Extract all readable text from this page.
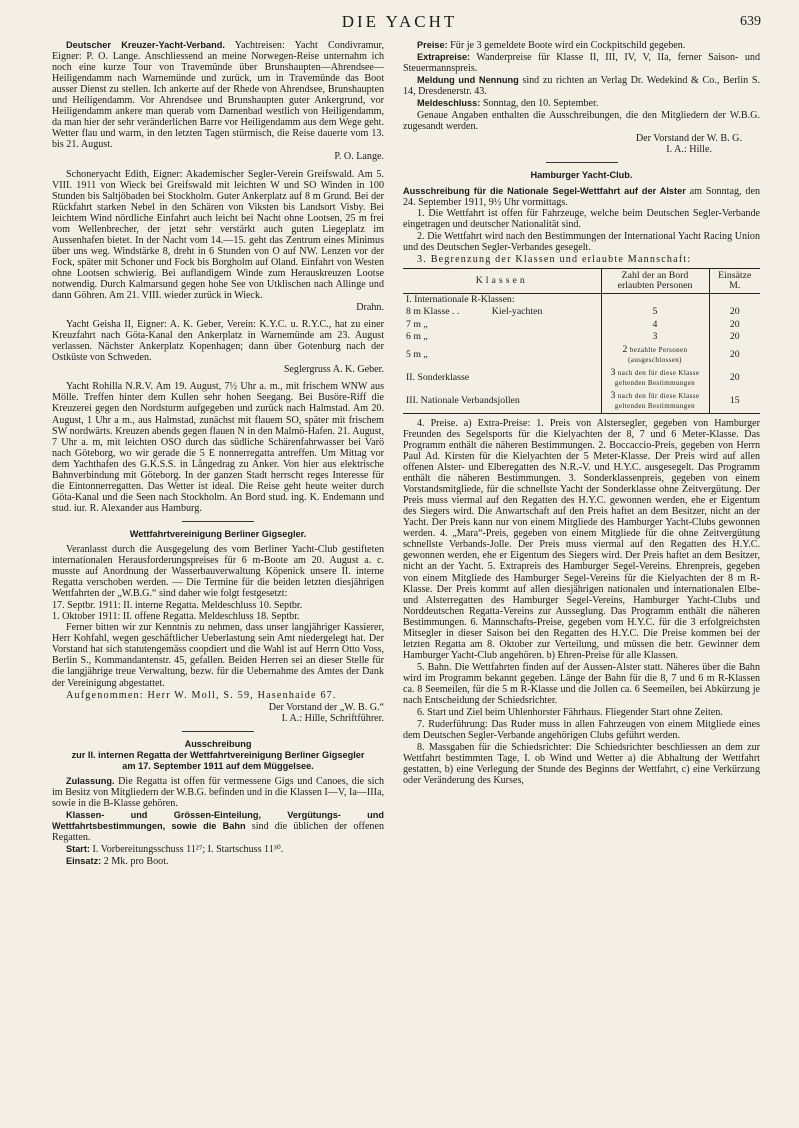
DIE YACHT	639

Deutscher Kreuzer-Yacht-Verband. Yachtreisen: Yacht Condivramur, Eigner: P. O. Lange. Anschliessend an meine Norwegen-Reise unternahm ich noch eine kurze Tour von Travemünde über Brunshaupten—Ahrendsee—Heiligendamm nach Warnemünde und zurück, um in Travemünde das Boot ausser Dienst zu stellen. Ich ankerte auf der Rhede von Ahrendsee, Brunshaupten und Heiligendamm. Vor Ahrendsee und Brunshaupten guter Ankergrund, vor Heiligendamm ankere man querab vom Damenbad westlich von Heiligendamm, da man hier der sehr veränderlichen Barre vor Heiligendamm aus dem Wege geht. Wetter flau und warm, in den letzten Tagen stürmisch, die Reise dauerte vom 13. bis 21. August.

P. O. Lange.

Schoneryacht Edith, Eigner: Akademischer Segler-Verein Greifswald. Am 5. VIII. 1911 von Wieck bei Greifswald mit leichten W und SO Winden in 100 Stunden bis Saltjöbaden bei Stockholm. Guter Ankerplatz auf 8 m Grund. Bei der Rückfahrt starken Nebel in den Schären von Viksten bis Landsort Visby. Bei leichtem Wind nördliche Einfahrt auch leicht bei Nacht ohne Lootsen, 25 m frei vom Wellenbrecher, der jetzt sehr verstärkt auch guten Liegeplatz im Aussenhafen bietet. In der Nacht vom 14.—15. geht das Zentrum eines Minimus über uns weg. Windstärke 8, dreht in 6 Stunden von O auf NW. Lenzen vor der Fock, später mit Schoner und Fock bis Borgholm auf Oland. Einfahrt von Westen ohne Lootsen schwierig. Bei auflandigem Winde zum Herauskreuzen Lootse notwendig. Durch Kalmarsund gegen hohe See von Utklischen nach Allinge und dann Göhren. Am 21. VIII. wieder zurück in Wieck.

Drahn.

Yacht Geisha II, Eigner: A. K. Geber, Verein: K.Y.C. u. R.Y.C., hat zu einer Kreuzfahrt nach Göta-Kanal den Ankerplatz in Warnemünde am 23. August verlassen. Nächster Ankerplatz Kopenhagen; dann über Gotenburg nach der Ostküste von Schweden.

Seglergruss A. K. Geber.

Yacht Rohilla N.R.V. Am 19. August, 7½ Uhr a. m., mit frischem WNW aus Mölle. Treffen hinter dem Kullen sehr hohen Seegang. Bei Busöre-Riff die Kreuzerei gegen den Nordsturm aufgegeben und zurück nach Halmstad. Am 20. August, 1 Uhr a m., aus Halmstad, zunächst mit flauem SO, später mit frischem SW nordwärts. Kreuzen abends gegen flauen N in den Malmö-Hafen. 21. August, 7 Uhr a. m, mit leichten OSO durch das südliche Schärenfahrwasser bei Varö nach Göteborg, wo wir gerade die 5 E nonnerregatta antreffen. Um Mittag vor dem Yachthafen des G.K.S.S. in Långedrag zu Anker. Von hier aus elektrische Bahnverbindung mit Göteborg. In der ganzen Stadt herrscht reges Interesse für die Eintonnerregatten. Das Wetter ist ideal. Die Reise geht heute weiter durch Göta-Kanal und die Seen nach Stockholm. An Bord stud. ing. K. Endemann und stud. iur. R. Alexander aus Hamburg.

Wettfahrtvereinigung Berliner Gigsegler.

Veranlasst durch die Ausgegelung des vom Berliner Yacht-Club gestifteten internationalen Herausforderungspreises für 6 m-Boote am 20. August a. c. musste auf Anordnung der Wasserbauverwaltung Köpenick unsere II. interne Regatta verschoben werden. — Die Termine für die beiden letzten diesjährigen Wettfahrten der „W.B.G.“ sind daher wie folgt festgesetzt:

17. Septbr. 1911: II. interne Regatta. Meldeschluss 10. Septbr.

1. Oktober 1911: II. offene Regatta. Meldeschluss 18. Septbr.

Ferner bitten wir zur Kenntnis zu nehmen, dass unser langjähriger Kassierer, Herr Kohfahl, wegen geschäftlicher Ueberlastung sein Amt niedergelegt hat. Der Vorstand hat sich statutengemäss coopdiert und die Wahl ist auf Herrn Otto Voss, Berlin S., Kommandantenstr. 45, gefallen. Beiden Herren sei an dieser Stelle für die langjährige treue Verwaltung, bezw. für die Uebernahme des Amtes der Dank der Vereinigung abgestattet.

Aufgenommen: Herr W. Moll, S. 59, Hasenhaide 67.

Der Vorstand der „W. B. G.“

I. A.: Hille, Schriftführer.

Ausschreibung

zur II. internen Regatta der Wettfahrtvereinigung Berliner Gigsegler

am 17. September 1911 auf dem Müggelsee.

Zulassung. Die Regatta ist offen für vermessene Gigs und Canoes, die sich im Besitz von Mitgliedern der W.B.G. befinden und in die Klassen I—V, Ia—IIIa, sowie in die B-Klasse gehören.

Klassen- und Grössen-Einteilung, Vergütungs- und Wettfahrtsbestimmungen, sowie die Bahn sind die üblichen der offenen Regatten.

Start: I. Vorbereitungsschuss 11²⁷; I. Startschuss 11³⁰.

Einsatz: 2 Mk. pro Boot.

Preise: Für je 3 gemeldete Boote wird ein Cockpitschild gegeben.

Extrapreise: Wanderpreise für Klasse II, III, IV, V, IIa, ferner Saison- und Steuermannspreis.

Meldung und Nennung sind zu richten an Verlag Dr. Wedekind & Co., Berlin S. 14, Dresdenerstr. 43.

Meldeschluss: Sonntag, den 10. September.

Genaue Angaben enthalten die Ausschreibungen, die den Mitgliedern der W.B.G. zugesandt werden.

Der Vorstand der W. B. G.

I. A.: Hille.

Hamburger Yacht-Club.

Ausschreibung für die Nationale Segel-Wettfahrt auf der Alster am Sonntag, den 24. September 1911, 9½ Uhr vormittags.

1. Die Wettfahrt ist offen für Fahrzeuge, welche beim Deutschen Segler-Verbande eingetragen und deutscher Nationalität sind.

2. Die Wettfahrt wird nach den Bestimmungen der International Yacht Racing Union und des Deutschen Segler-Verbandes gesegelt.

3. Begrenzung der Klassen und erlaubte Mannschaft:

Klassen	Zahl der an Bord erlaubten Personen	Einsätze M.
I. Internationale R-Klassen:		
8 m Klasse . . Kiel-yachten	5	20
7 m „	4	20
6 m „	3	20
5 m „	2 bezahlte Personen (ausgeschlossen)	20
II. Sonderklasse	3 nach den für diese Klasse geltenden Bestimmungen	20
III. Nationale Verbandsjollen	3 nach den für diese Klasse geltenden Bestimmungen	15

4. Preise. a) Extra-Preise: 1. Preis von Alstersegler, gegeben von Hamburger Freunden des Segelsports für die Kielyachten der 8, 7 und 6 Meter-Klasse. Das Programm enthält die näheren Bestimmungen. 2. Boccaccio-Preis, gegeben von Herrn Paul Ad. Kirsten für die Kielyachten der 5 Meter-Klasse. Der Preis wird auf allen offenen Alster- und Elberegatten des N.R.-V. und H.Y.C. ausgesegelt. Das Programm enthält die näheren Bestimmungen. 3. Sonderklassenpreis, gegeben von einem Vorstandsmitgliede, für die schnellste Yacht der Sonderklasse ohne Zeitvergütung. Der Preis muss viermal auf den Regatten des H.Y.C. gewonnen werden, ehe er Eigentum des Siegers wird. Die Anwartschaft auf den Preis haftet an dem Besitzer, nicht an der Yacht. Der Preis kann nur von einem Mitgliede des Hamburger Yacht-Clubs gewonnen werden. 4. „Mara“-Preis, gegeben von einem Mitgliede für die ohne Zeitvergütung schnellste Verbands-Jolle. Der Preis muss viermal auf den Regatten des H.Y.C. gewonnen werden, ehe er Eigentum des Siegers wird. Der Preis haftet an dem Besitzer, nicht an der Yacht. 5. Extrapreis des Hamburger Segel-Vereins. Ehrenpreis, gegeben von einem Mitgliede des Hamburger Segel-Vereins für die Kielyachten der 8 m R-Klasse. Der Preis kommt auf allen diesjährigen nationalen und internationalen Elbe- und Alsterregatten des Hamburger Segel-Vereins, Hamburger Yacht-Clubs und Norddeutschen Regatta-Vereins zur Ausseglung. Das Programm enthält die näheren Bestimmungen. 6. Mannschafts-Preise, gegeben vom H.Y.C. für die 3 erfolgreichsten Mitsegler in dieser Saison bei den Regatten des H.Y.C. Die Preise kommen bei der letzten Regatta am 8. Oktober zur Verteilung, und müssen die betr. Gewinner dem Hamburger Yacht-Club angehören. b) Ehren-Preise für alle Klassen.

5. Bahn. Die Wettfahrten finden auf der Aussen-Alster statt. Näheres über die Bahn wird im Programm bekannt gegeben. Länge der Bahn für die 8, 7 und 6 m R-Klassen ca. 8 Seemeilen, für die 5 m R-Klasse und die Jollen ca. 6 Seemeilen, bei Abkürzung je nach Entscheidung der Schiedsrichter.

6. Start und Ziel beim Uhlenhorster Fährhaus. Fliegender Start ohne Zeiten.

7. Ruderführung: Das Ruder muss in allen Fahrzeugen von einem Mitgliede eines dem Deutschen Segler-Verbande angehörigen Clubs geführt werden.

8. Massgaben für die Schiedsrichter: Die Schiedsrichter beschliessen an dem zur Wettfahrt bestimmten Tage, I. ob Wind und Wetter a) die Abhaltung der Wettfahrt gestatten, b) eine Verlegung der Stunde des Beginns der Wettfahrt, c) eine Verkürzung oder Veränderung des Kurses,
